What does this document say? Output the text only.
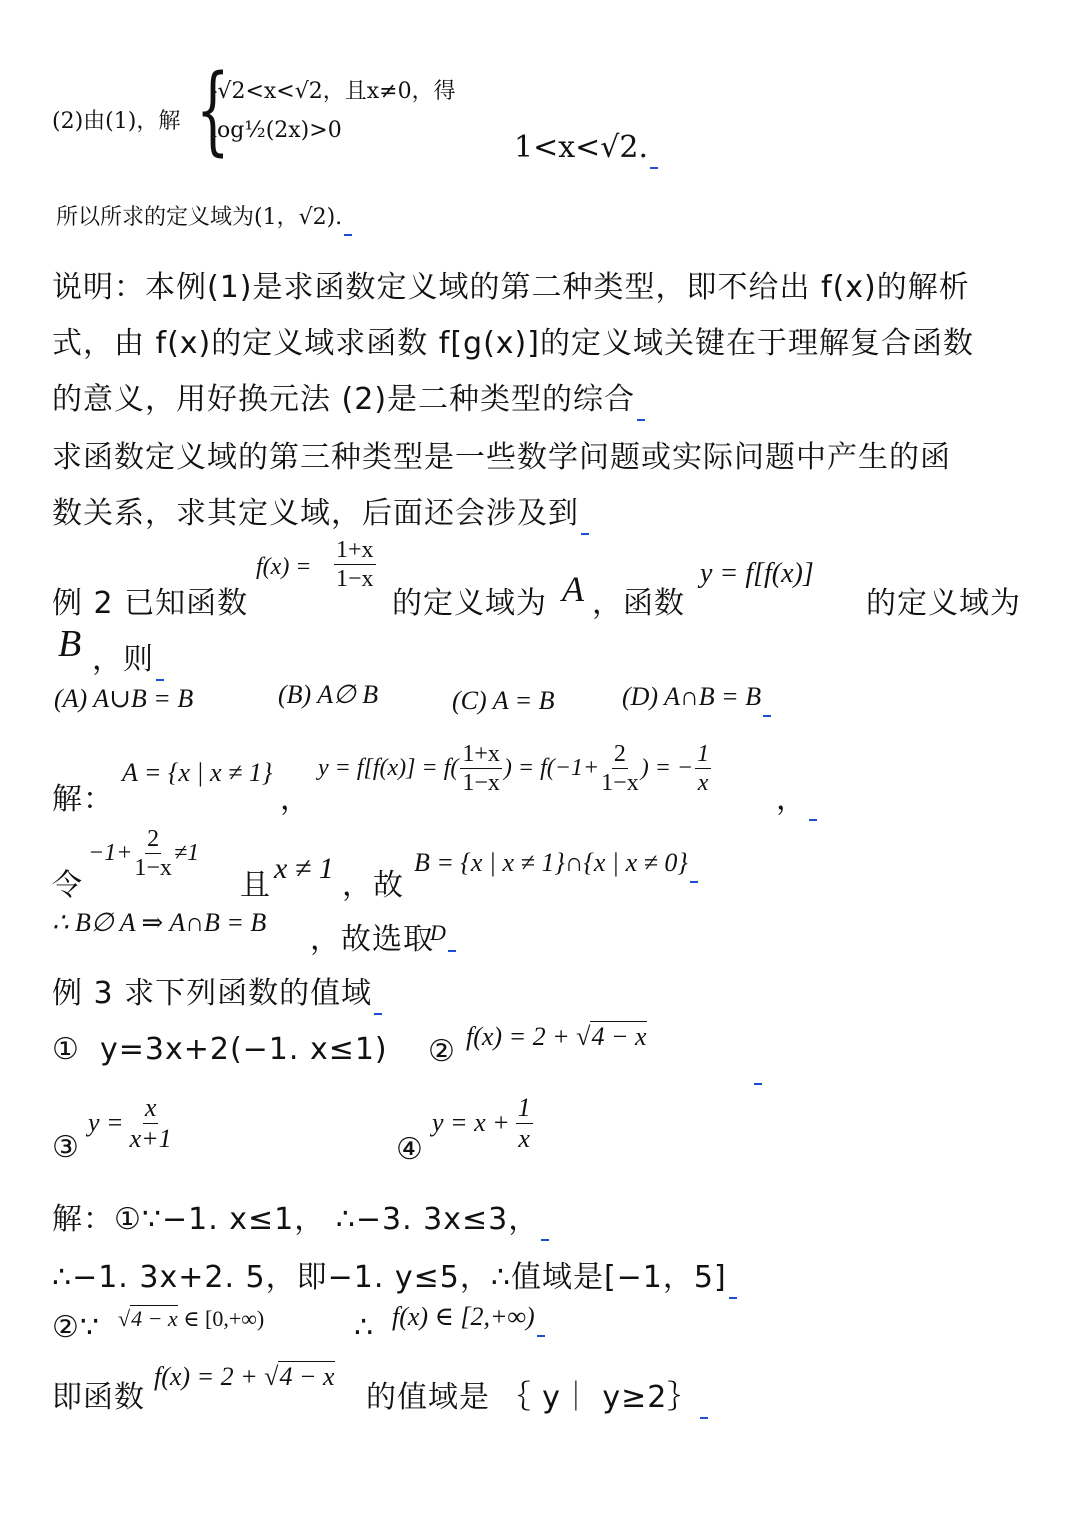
(2)由(1)，解 {
-√2<x<√2，且x≠0，得
log½(2x)>0	1<x<√2.
所以所求的定义域为(1，√2).
说明：本例(1)是求函数定义域的第二种类型，即不给出 f(x)的解析
式，由 f(x)的定义域求函数 f[g(x)]的定义域关键在于理解复合函数
的意义，用好换元法 (2)是二种类型的综合
求函数定义域的第三种类型是一些数学问题或实际问题中产生的函
数关系，求其定义域，后面还会涉及到
例 2 已知函数
$f(x) = \frac{1+x}{1-x}$
的定义域为 A ，函数
y = f[f(x)]
的定义域为
B ，则
(A) A∪B = B	(B) A∅ B	(C) A = B	(D) A∩B = B
解：
A = {x | x ≠ 1}
，
$y = f[f(x)] = f( \frac{1+x}{1-x}$ ) = $f(-1+ \frac{2}{1-x}$ ) = − $\frac{1}{x}$
，
令
$-1+ \frac{2}{1-x} \ne 1$
且 x ≠ 1 ，故
B = {x | x ≠ 1}∩{x | x ≠ 0}
∴ B∅ A ⇒ A∩B = B ，故选取
D
例 3 求下列函数的值域
① y=3x+2(−1. x≤1) ② f(x) = 2 + √4 − x
③
$y = \frac{x}{x+1}$	④
$y = x + \frac{1}{x}$
解：①∵−1. x≤1， ∴−3. 3x≤3，
∴−1. 3x+2. 5，即−1. y≤5，∴值域是[−1，5]
②∵ √4 − x ∈ [0,+∞)	∴ f(x) ∈ [2,+∞)
即函数
f(x) = 2 + √4 − x
的值域是 ｛ y｜ y≥2｝
